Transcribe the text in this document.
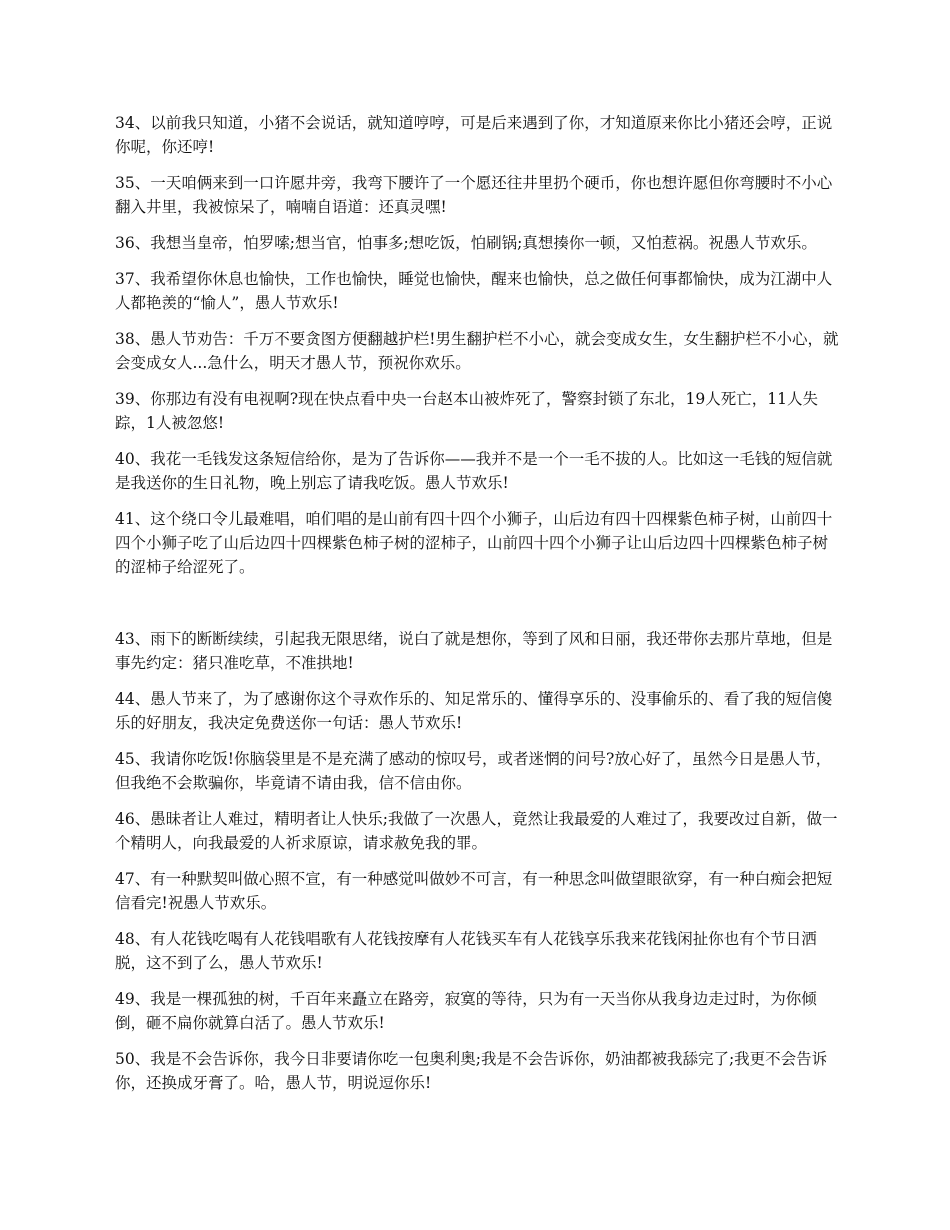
34、以前我只知道，小猪不会说话，就知道哼哼，可是后来遇到了你，才知道原来你比小猪还会哼，正说你呢，你还哼!

35、一天咱俩来到一口许愿井旁，我弯下腰许了一个愿还往井里扔个硬币，你也想许愿但你弯腰时不小心翻入井里，我被惊呆了，喃喃自语道：还真灵嘿!

36、我想当皇帝，怕罗嗦;想当官，怕事多;想吃饭，怕刷锅;真想揍你一顿，又怕惹祸。祝愚人节欢乐。

37、我希望你休息也愉快，工作也愉快，睡觉也愉快，醒来也愉快，总之做任何事都愉快，成为江湖中人人都艳羡的“愉人”，愚人节欢乐!

38、愚人节劝告：千万不要贪图方便翻越护栏!男生翻护栏不小心，就会变成女生，女生翻护栏不小心，就会变成女人...急什么，明天才愚人节，预祝你欢乐。

39、你那边有没有电视啊?现在快点看中央一台赵本山被炸死了，警察封锁了东北，19人死亡，11人失踪，1人被忽悠!

40、我花一毛钱发这条短信给你，是为了告诉你——我并不是一个一毛不拔的人。比如这一毛钱的短信就是我送你的生日礼物，晚上别忘了请我吃饭。愚人节欢乐!

41、这个绕口令儿最难唱，咱们唱的是山前有四十四个小狮子，山后边有四十四棵紫色柿子树，山前四十四个小狮子吃了山后边四十四棵紫色柿子树的涩柿子，山前四十四个小狮子让山后边四十四棵紫色柿子树的涩柿子给涩死了。

43、雨下的断断续续，引起我无限思绪，说白了就是想你，等到了风和日丽，我还带你去那片草地，但是事先约定：猪只准吃草，不准拱地!

44、愚人节来了，为了感谢你这个寻欢作乐的、知足常乐的、懂得享乐的、没事偷乐的、看了我的短信傻乐的好朋友，我决定免费送你一句话：愚人节欢乐!

45、我请你吃饭!你脑袋里是不是充满了感动的惊叹号，或者迷惘的问号?放心好了，虽然今日是愚人节，但我绝不会欺骗你，毕竟请不请由我，信不信由你。

46、愚昧者让人难过，精明者让人快乐;我做了一次愚人，竟然让我最爱的人难过了，我要改过自新，做一个精明人，向我最爱的人祈求原谅，请求赦免我的罪。

47、有一种默契叫做心照不宣，有一种感觉叫做妙不可言，有一种思念叫做望眼欲穿，有一种白痴会把短信看完!祝愚人节欢乐。

48、有人花钱吃喝有人花钱唱歌有人花钱按摩有人花钱买车有人花钱享乐我来花钱闲扯你也有个节日洒脱，这不到了么，愚人节欢乐!

49、我是一棵孤独的树，千百年来矗立在路旁，寂寞的等待，只为有一天当你从我身边走过时，为你倾倒，砸不扁你就算白活了。愚人节欢乐!

50、我是不会告诉你，我今日非要请你吃一包奥利奥;我是不会告诉你，奶油都被我舔完了;我更不会告诉你，还换成牙膏了。哈，愚人节，明说逗你乐!
